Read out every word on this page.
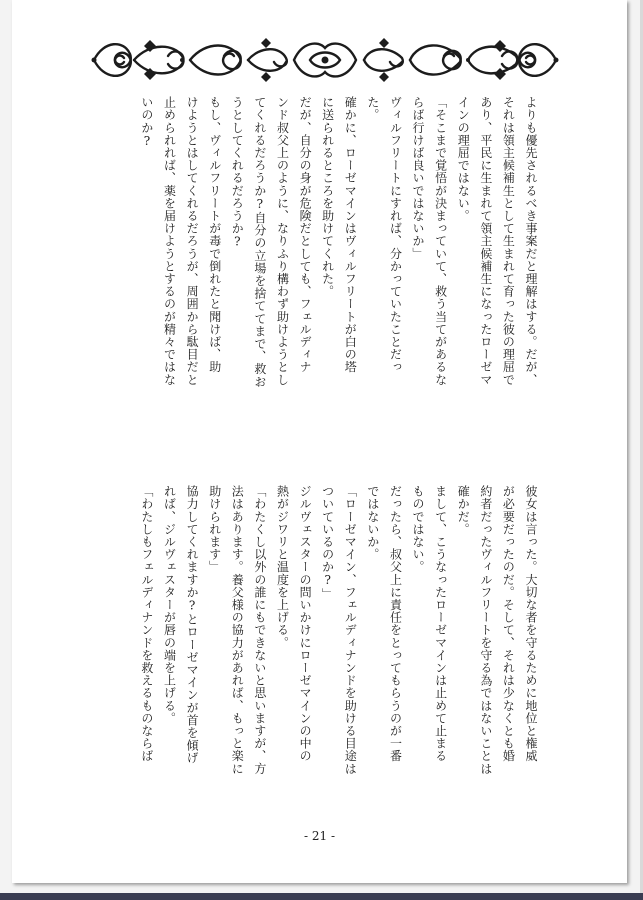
よりも優先されるべき事案だと理解はする。だが、
それは領主候補生として生まれて育った彼の理屈で
あり、平民に生まれて領主候補生になったローゼマ
インの理屈ではない。
「そこまで覚悟が決まっていて、救う当てがあるな
らば行けば良いではないか」
ヴィルフリートにすれば、分かっていたことだっ
た。
確かに、ローゼマインはヴィルフリートが白の塔
に送られるところを助けてくれた。
だが、自分の身が危険だとしても、フェルディナ
ンド叔父上のように、なりふり構わず助けようとし
てくれるだろうか?自分の立場を捨ててまで、救お
うとしてくれるだろうか?
もし、ヴィルフリートが毒で倒れたと聞けば、助
けようとはしてくれるだろうが、周囲から駄目だと
止められれば、薬を届けようとするのが精々ではな
いのか?
彼女は言った。大切な者を守るために地位と権威
が必要だったのだ。そして、それは少なくとも婚
約者だったヴィルフリートを守る為ではないことは
確かだ。
まして、こうなったローゼマインは止めて止まる
ものではない。
だったら、叔父上に責任をとってもらうのが一番
ではないか。
「ローゼマイン、フェルディナンドを助ける目途は
ついているのか?」
ジルヴェスターの問いかけにローゼマインの中の
熱がジワリと温度を上げる。
「わたくし以外の誰にもできないと思いますが、方
法はあります。養父様の協力があれば、もっと楽に
助けられます」
協力してくれますか?とローゼマインが首を傾げ
れば、ジルヴェスターが唇の端を上げる。
「わたしもフェルディナンドを救えるものならば
- 21 -
